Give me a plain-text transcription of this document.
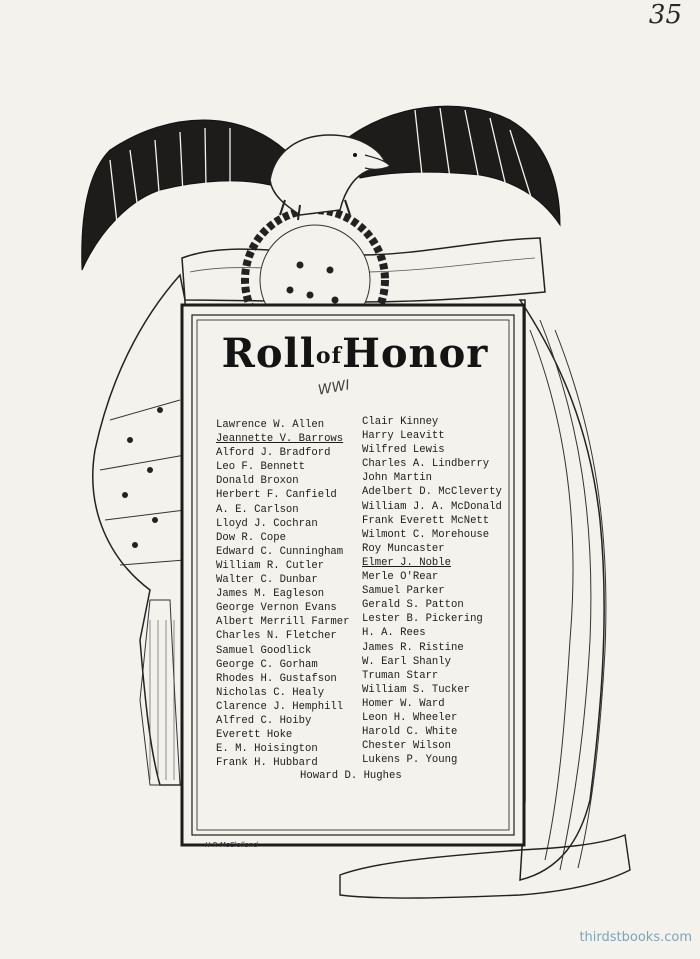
35
RollofHonor
WWI
Lawrence W. Allen
Jeannette V. Barrows
Alford J. Bradford
Leo F. Bennett
Donald Broxon
Herbert F. Canfield
A. E. Carlson
Lloyd J. Cochran
Dow R. Cope
Edward C. Cunningham
William R. Cutler
Walter C. Dunbar
James M. Eagleson
George Vernon Evans
Albert Merrill Farmer
Charles N. Fletcher
Samuel Goodlick
George C. Gorham
Rhodes H. Gustafson
Nicholas C. Healy
Clarence J. Hemphill
Alfred C. Hoiby
Everett Hoke
E. M. Hoisington
Frank H. Hubbard
Clair Kinney
Harry Leavitt
Wilfred Lewis
Charles A. Lindberry
John Martin
Adelbert D. McCleverty
William J. A. McDonald
Frank Everett McNett
Wilmont C. Morehouse
Roy Muncaster
Elmer J. Noble
Merle O'Rear
Samuel Parker
Gerald S. Patton
Lester B. Pickering
H. A. Rees
James R. Ristine
W. Earl Shanly
Truman Starr
William S. Tucker
Homer W. Ward
Leon H. Wheeler
Harold C. White
Chester Wilson
Lukens P. Young
Howard D. Hughes
H R McClelland
thirdstbooks.com
